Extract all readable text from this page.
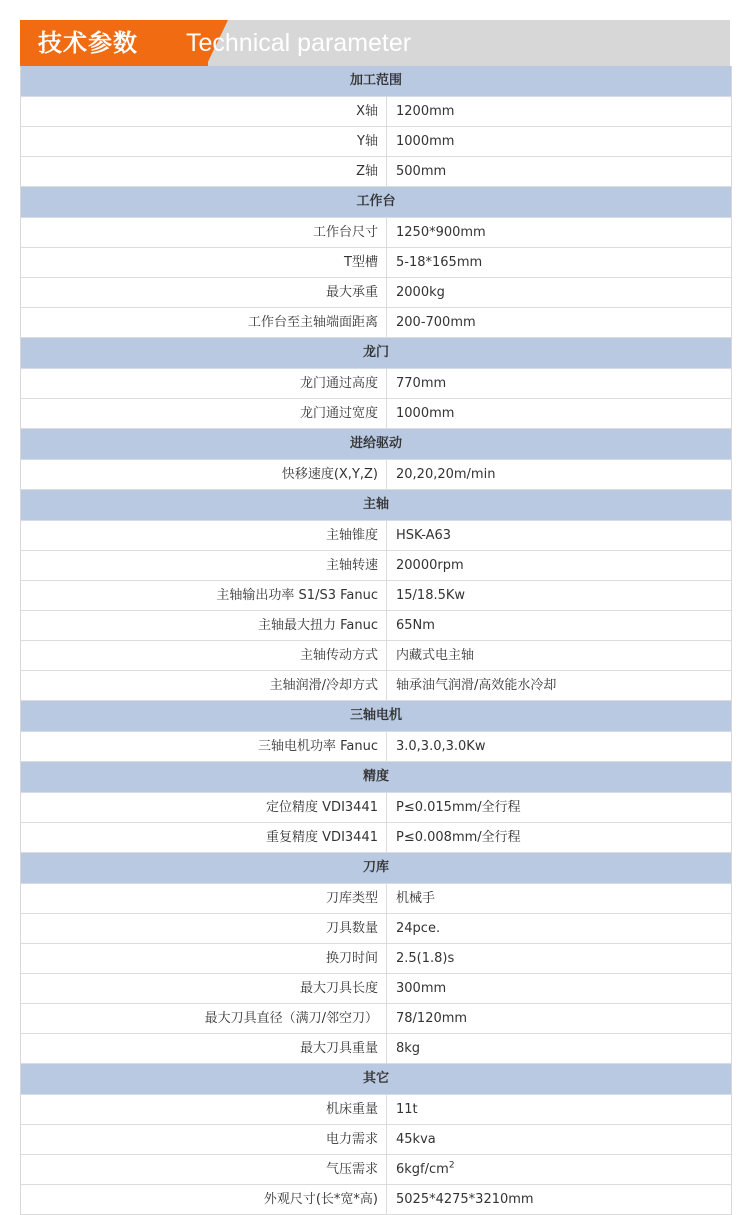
技术参数 Technical parameter
加工范围
X轴	1200mm
Y轴	1000mm
Z轴	500mm
工作台
工作台尺寸	1250*900mm
T型槽	5-18*165mm
最大承重	2000kg
工作台至主轴端面距离	200-700mm
龙门
龙门通过高度	770mm
龙门通过宽度	1000mm
进给驱动
快移速度(X,Y,Z)	20,20,20m/min
主轴
主轴锥度	HSK-A63
主轴转速	20000rpm
主轴输出功率 S1/S3 Fanuc	15/18.5Kw
主轴最大扭力 Fanuc	65Nm
主轴传动方式	内藏式电主轴
主轴润滑/冷却方式	轴承油气润滑/高效能水冷却
三轴电机
三轴电机功率 Fanuc	3.0,3.0,3.0Kw
精度
定位精度 VDI3441	P≤0.015mm/全行程
重复精度 VDI3441	P≤0.008mm/全行程
刀库
刀库类型	机械手
刀具数量	24pce.
换刀时间	2.5(1.8)s
最大刀具长度	300mm
最大刀具直径（满刀/邻空刀）	78/120mm
最大刀具重量	8kg
其它
机床重量	11t
电力需求	45kva
气压需求	$6kgf/cm^2$
外观尺寸(长*宽*高)	5025*4275*3210mm
